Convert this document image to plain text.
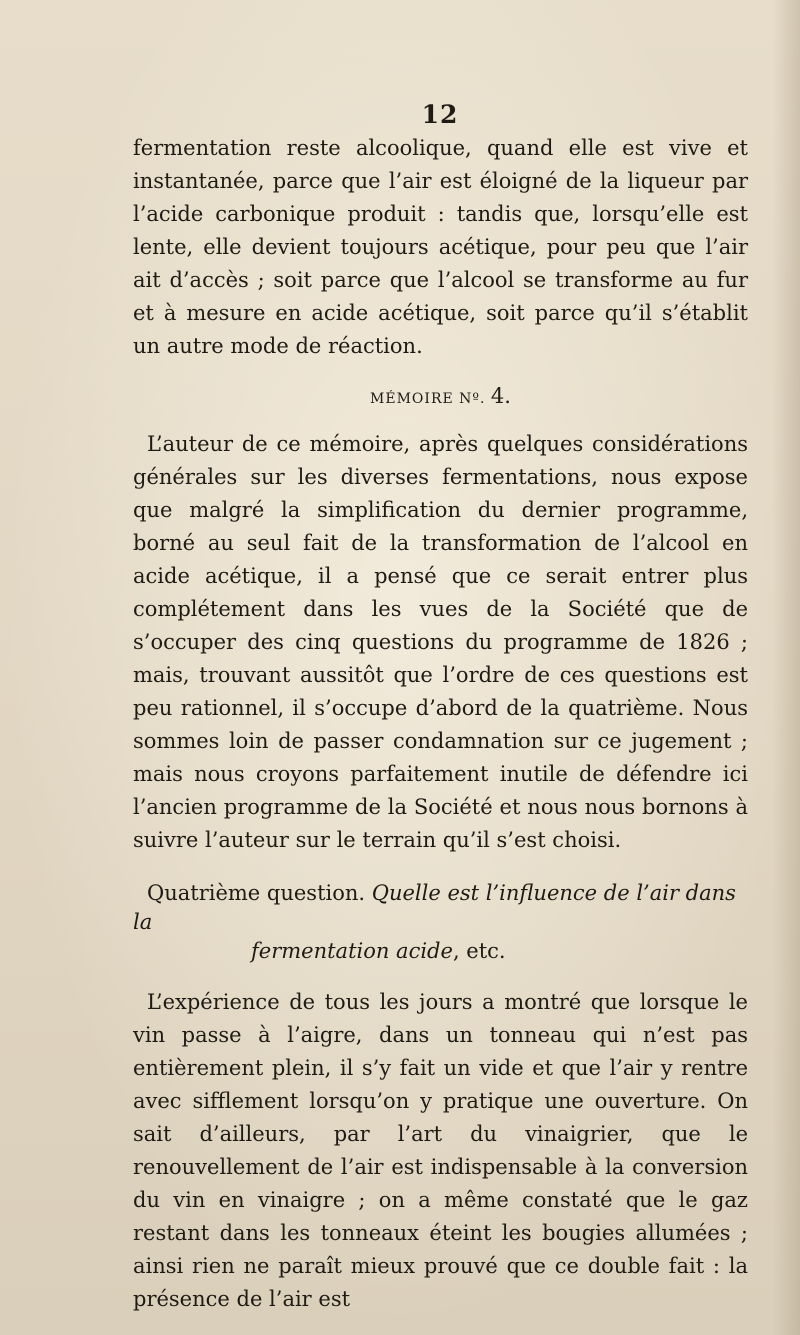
12

fermentation reste alcoolique, quand elle est vive et instantanée, parce que l’air est éloigné de la liqueur par l’acide carbonique produit : tandis que, lorsqu’elle est lente, elle devient toujours acétique, pour peu que l’air ait d’accès ; soit parce que l’alcool se transforme au fur et à mesure en acide acétique, soit parce qu’il s’établit un autre mode de réaction.

MÉMOIRE Nº. 4.

L’auteur de ce mémoire, après quelques considérations générales sur les diverses fermentations, nous expose que malgré la simplification du dernier programme, borné au seul fait de la transformation de l’alcool en acide acétique, il a pensé que ce serait entrer plus complétement dans les vues de la Société que de s’occuper des cinq questions du programme de 1826 ; mais, trouvant aussitôt que l’ordre de ces questions est peu rationnel, il s’occupe d’abord de la quatrième. Nous sommes loin de passer condamnation sur ce jugement ; mais nous croyons parfaitement inutile de défendre ici l’ancien programme de la Société et nous nous bornons à suivre l’auteur sur le terrain qu’il s’est choisi.

Quatrième question. Quelle est l’influence de l’air dans la
fermentation acide, etc.

L’expérience de tous les jours a montré que lorsque le vin passe à l’aigre, dans un tonneau qui n’est pas entièrement plein, il s’y fait un vide et que l’air y rentre avec sifflement lorsqu’on y pratique une ouverture. On sait d’ailleurs, par l’art du vinaigrier, que le renouvellement de l’air est indispensable à la conversion du vin en vinaigre ; on a même constaté que le gaz restant dans les tonneaux éteint les bougies allumées ; ainsi rien ne paraît mieux prouvé que ce double fait : la présence de l’air est
